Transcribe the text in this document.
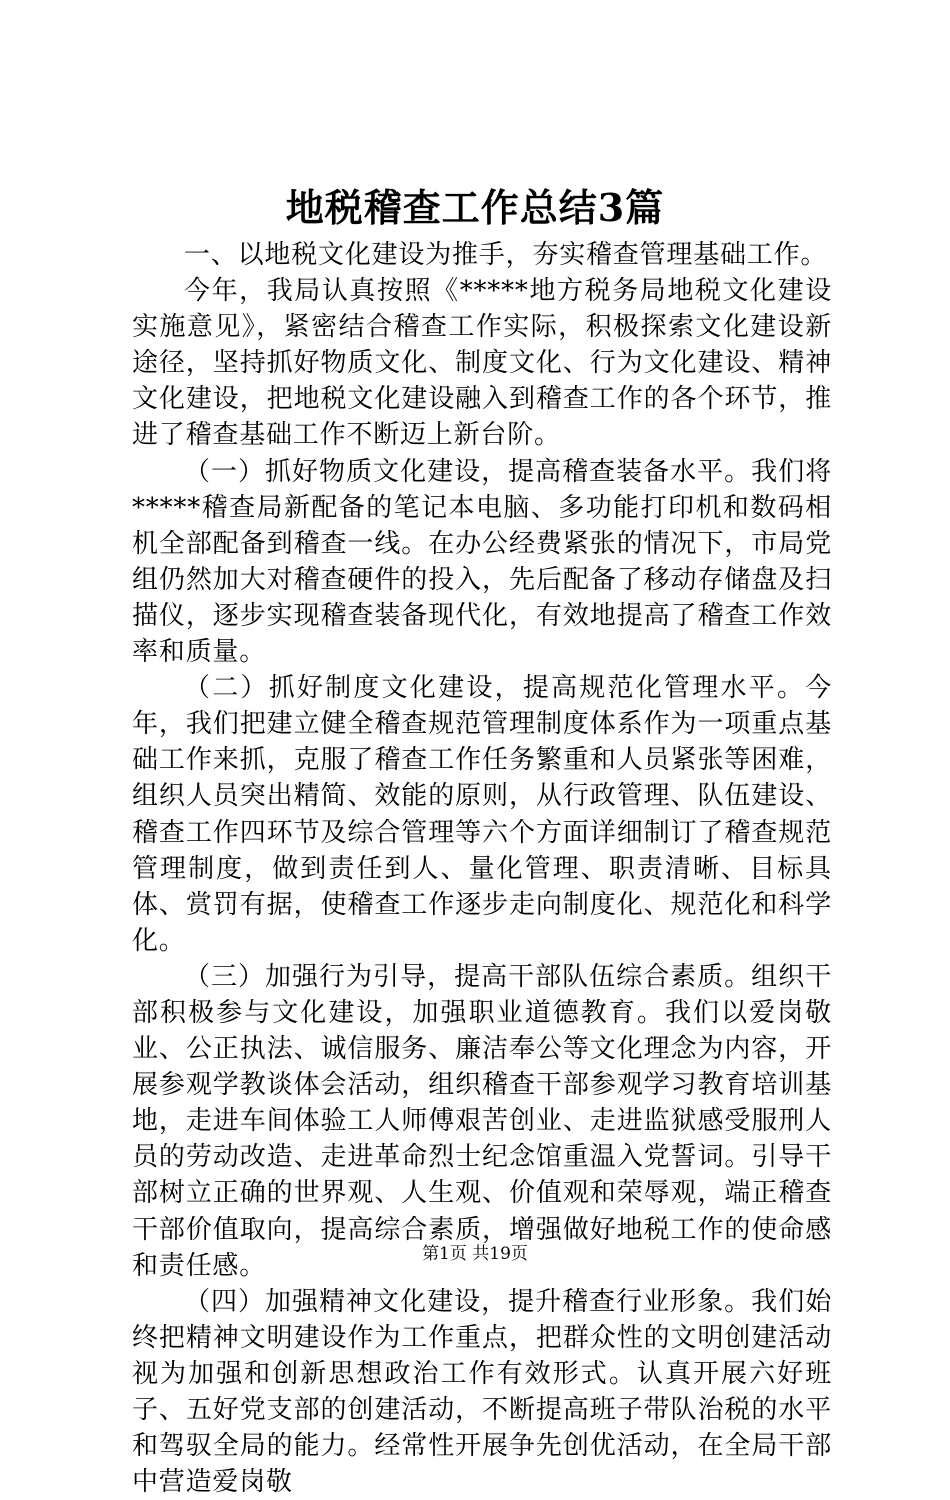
地税稽查工作总结3篇

一、以地税文化建设为推手，夯实稽查管理基础工作。

今年，我局认真按照《*****地方税务局地税文化建设实施意见》，紧密结合稽查工作实际，积极探索文化建设新途径，坚持抓好物质文化、制度文化、行为文化建设、精神文化建设，把地税文化建设融入到稽查工作的各个环节，推进了稽查基础工作不断迈上新台阶。

（一）抓好物质文化建设，提高稽查装备水平。我们将*****稽查局新配备的笔记本电脑、多功能打印机和数码相机全部配备到稽查一线。在办公经费紧张的情况下，市局党组仍然加大对稽查硬件的投入，先后配备了移动存储盘及扫描仪，逐步实现稽查装备现代化，有效地提高了稽查工作效率和质量。

（二）抓好制度文化建设，提高规范化管理水平。今年，我们把建立健全稽查规范管理制度体系作为一项重点基础工作来抓，克服了稽查工作任务繁重和人员紧张等困难，组织人员突出精简、效能的原则，从行政管理、队伍建设、稽查工作四环节及综合管理等六个方面详细制订了稽查规范管理制度，做到责任到人、量化管理、职责清晰、目标具体、赏罚有据，使稽查工作逐步走向制度化、规范化和科学化。

（三）加强行为引导，提高干部队伍综合素质。组织干部积极参与文化建设，加强职业道德教育。我们以爱岗敬业、公正执法、诚信服务、廉洁奉公等文化理念为内容，开展参观学教谈体会活动，组织稽查干部参观学习教育培训基地，走进车间体验工人师傅艰苦创业、走进监狱感受服刑人员的劳动改造、走进革命烈士纪念馆重温入党誓词。引导干部树立正确的世界观、人生观、价值观和荣辱观，端正稽查干部价值取向，提高综合素质，增强做好地税工作的使命感和责任感。

（四）加强精神文化建设，提升稽查行业形象。我们始终把精神文明建设作为工作重点，把群众性的文明创建活动视为加强和创新思想政治工作有效形式。认真开展六好班子、五好党支部的创建活动，不断提高班子带队治税的水平和驾驭全局的能力。经常性开展争先创优活动，在全局干部中营造爱岗敬

第1页 共19页
